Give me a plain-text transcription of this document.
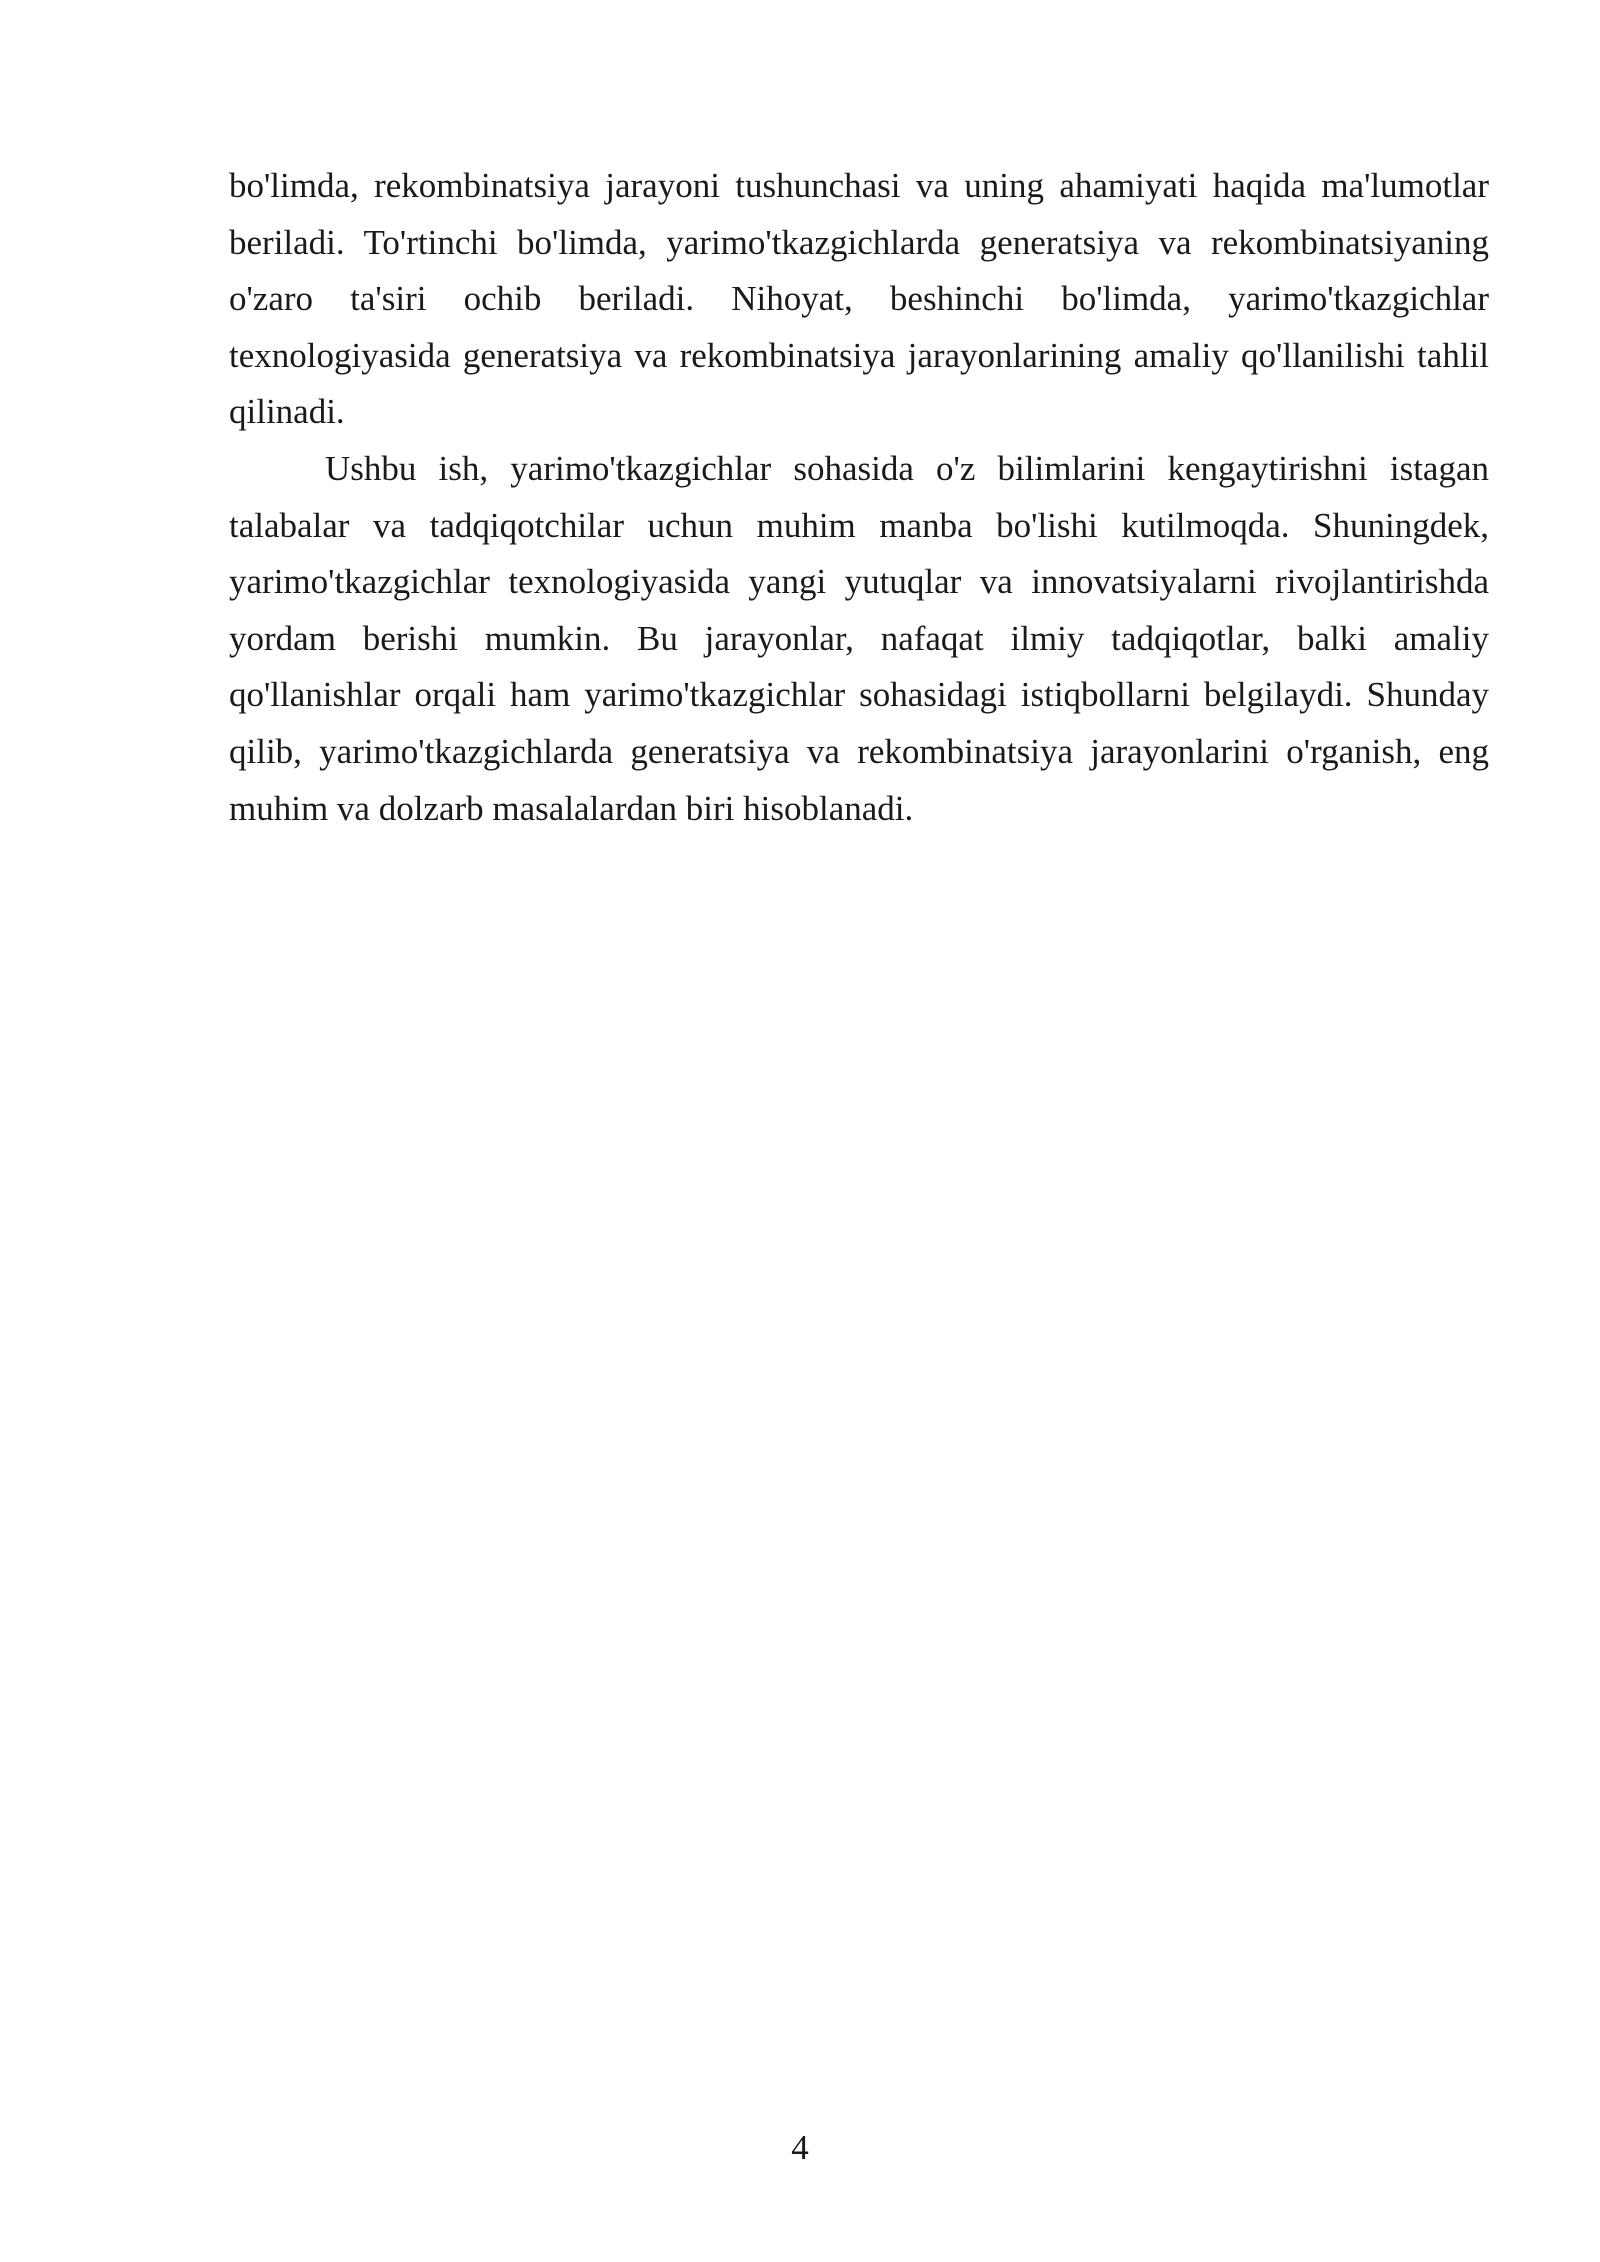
bo'limda, rekombinatsiya jarayoni tushunchasi va uning ahamiyati haqida ma'lumotlar beriladi. To'rtinchi bo'limda, yarimo'tkazgichlarda generatsiya va rekombinatsiyaning o'zaro ta'siri ochib beriladi. Nihoyat, beshinchi bo'limda, yarimo'tkazgichlar texnologiyasida generatsiya va rekombinatsiya jarayonlarining amaliy qo'llanilishi tahlil qilinadi.

Ushbu ish, yarimo'tkazgichlar sohasida o'z bilimlarini kengaytirishni istagan talabalar va tadqiqotchilar uchun muhim manba bo'lishi kutilmoqda. Shuningdek, yarimo'tkazgichlar texnologiyasida yangi yutuqlar va innovatsiyalarni rivojlantirishda yordam berishi mumkin. Bu jarayonlar, nafaqat ilmiy tadqiqotlar, balki amaliy qo'llanishlar orqali ham yarimo'tkazgichlar sohasidagi istiqbollarni belgilaydi. Shunday qilib, yarimo'tkazgichlarda generatsiya va rekombinatsiya jarayonlarini o'rganish, eng muhim va dolzarb masalalardan biri hisoblanadi.

4
